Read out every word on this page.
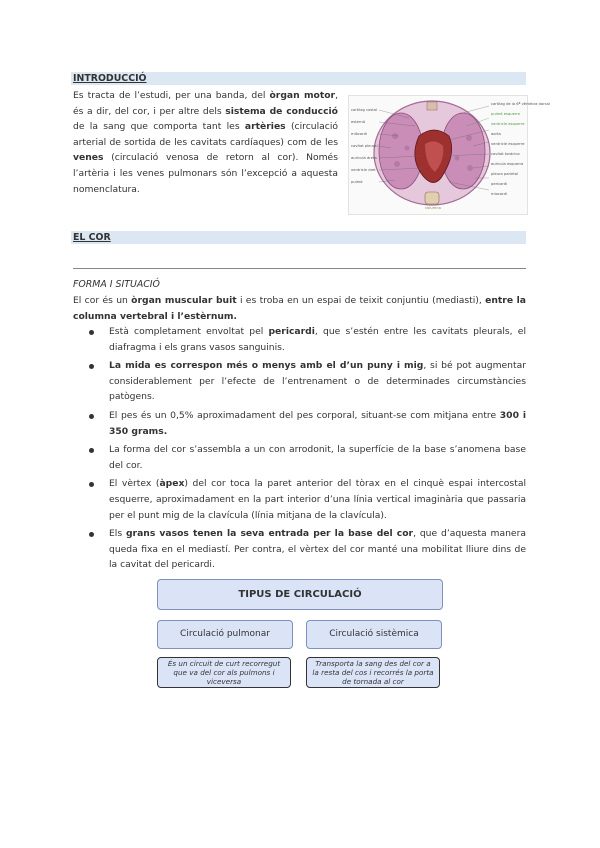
INTRODUCCIÓ
Es tracta de l’estudi, per una banda, del òrgan motor, és a dir, del cor, i per altre dels sistema de conducció de la sang que comporta tant les artèries (circulació arterial de sortida de les cavitats cardíaques) com de les venes (circulació venosa de retorn al cor). Només l’artèria i les venes pulmonars són l’excepció a aquesta nomenclatura.
cartílag costal
esternó
miòcardi
cavitat pleural
aurícula dreta
ventricle dret
pulmó
cartílag de la 6ª vèrtebra dorsal
pulmó esquerre
ventricle esquerre
aorta
ventricle esquerre
cavitat torácica
aurícula esquerra
pleura parietal
pericardi
miocardi
columna
EL COR
FORMA I SITUACIÓ
El cor és un òrgan muscular buit i es troba en un espai de teixit conjuntiu (mediasti), entre la columna vertebral i l’estèrnum.
Està completament envoltat pel pericardi, que s’estén entre les cavitats pleurals, el diafragma i els grans vasos sanguinis.
La mida es correspon més o menys amb el d’un puny i mig, si bé pot augmentar considerablement per l’efecte de l’entrenament o de determinades circumstàncies patògens.
El pes és un 0,5% aproximadament del pes corporal, situant-se com mitjana entre 300 i 350 grams.
La forma del cor s’assembla a un con arrodonit, la superfície de la base s’anomena base del cor.
El vèrtex (àpex) del cor toca la paret anterior del tòrax en el cinquè espai intercostal esquerre, aproximadament en la part interior d’una línia vertical imaginària que passaria per el punt mig de la clavícula (línia mitjana de la clavícula).
Els grans vasos tenen la seva entrada per la base del cor, que d’aquesta manera queda fixa en el mediastí. Per contra, el vèrtex del cor manté una mobilitat lliure dins de la cavitat del pericardi.
TIPUS DE CIRCULACIÓ
Circulació pulmonar	Circulació sistèmica
És un circuit de curt recorregut que va del cor als pulmons i viceversa
Transporta la sang des del cor a la resta del cos i recorrés la porta de tornada al cor
